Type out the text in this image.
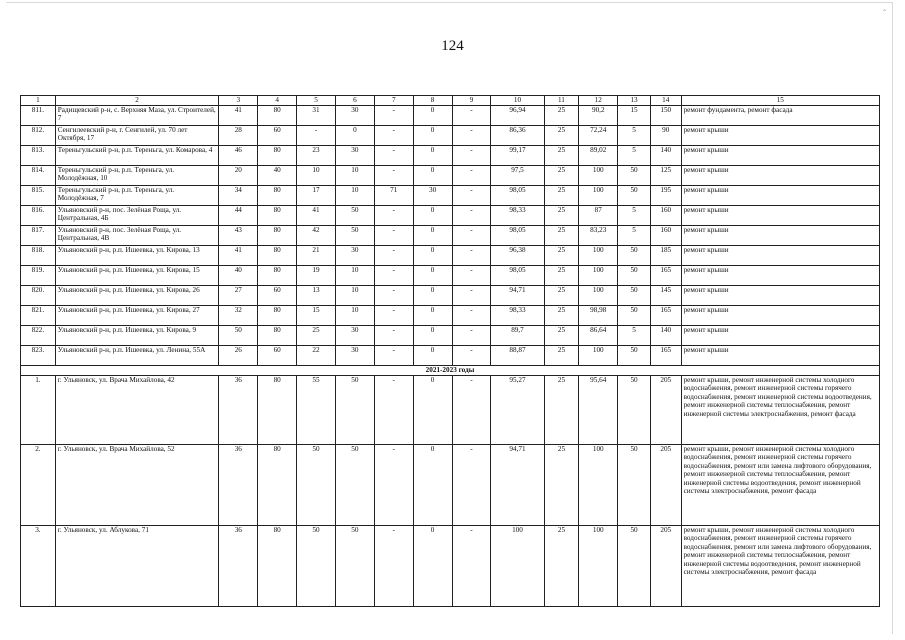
ˆ
124
1	2	3	4	5	6	7	8	9	10	11	12	13	14	15
811.	Радищевский р-н, с. Верхняя Маза, ул. Строителей, 7	41	80	31	30	-	0	-	96,94	25	90,2	15	150	ремонт фундамента, ремонт фасада
812.	Сенгилеевский р-н, г. Сенгилей, ул. 70 лет Октября, 17	28	60	-	0	-	0	-	86,36	25	72,24	5	90	ремонт крыши
813.	Тереньгульский р-н, р.п. Тереньга, ул. Комарова, 4	46	80	23	30	-	0	-	99,17	25	89,02	5	140	ремонт крыши
814.	Тереньгульский р-н, р.п. Тереньга, ул. Молодёжная, 10	20	40	10	10	-	0	-	97,5	25	100	50	125	ремонт крыши
815.	Тереньгульский р-н, р.п. Тереньга, ул. Молодёжная, 7	34	80	17	10	71	30	-	98,05	25	100	50	195	ремонт крыши
816.	Ульяновский р-н, пос. Зелёная Роща, ул. Центральная, 4Б	44	80	41	50	-	0	-	98,33	25	87	5	160	ремонт крыши
817.	Ульяновский р-н, пос. Зелёная Роща, ул. Центральная, 4В	43	80	42	50	-	0	-	98,05	25	83,23	5	160	ремонт крыши
818.	Ульяновский р-н, р.п. Ишеевка, ул. Кирова, 13	41	80	21	30	-	0	-	96,38	25	100	50	185	ремонт крыши
819.	Ульяновский р-н, р.п. Ишеевка, ул. Кирова, 15	40	80	19	10	-	0	-	98,05	25	100	50	165	ремонт крыши
820.	Ульяновский р-н, р.п. Ишеевка, ул. Кирова, 26	27	60	13	10	-	0	-	94,71	25	100	50	145	ремонт крыши
821.	Ульяновский р-н, р.п. Ишеевка, ул. Кирова, 27	32	80	15	10	-	0	-	98,33	25	98,98	50	165	ремонт крыши
822.	Ульяновский р-н, р.п. Ишеевка, ул. Кирова, 9	50	80	25	30	-	0	-	89,7	25	86,64	5	140	ремонт крыши
823.	Ульяновский р-н, р.п. Ишеевка, ул. Ленина, 55А	26	60	22	30	-	0	-	88,87	25	100	50	165	ремонт крыши
2021-2023 годы														
1.	г. Ульяновск, ул. Врача Михайлова, 42	36	80	55	50	-	0	-	95,27	25	95,64	50	205	ремонт крыши, ремонт инженерной системы холодного водоснабжения, ремонт инженерной системы горячего водоснабжения, ремонт инженерной системы водоотведения, ремонт инженерной системы теплоснабжения, ремонт инженерной системы электроснабжения, ремонт фасада
2.	г. Ульяновск, ул. Врача Михайлова, 52	36	80	50	50	-	0	-	94,71	25	100	50	205	ремонт крыши, ремонт инженерной системы холодного водоснабжения, ремонт инженерной системы горячего водоснабжения, ремонт или замена лифтового оборудования, ремонт инженерной системы теплоснабжения, ремонт инженерной системы водоотведения, ремонт инженерной системы электроснабжения, ремонт фасада
3.	г. Ульяновск, ул. Аблукова, 71	36	80	50	50	-	0	-	100	25	100	50	205	ремонт крыши, ремонт инженерной системы холодного водоснабжения, ремонт инженерной системы горячего водоснабжения, ремонт или замена лифтового оборудования, ремонт инженерной системы теплоснабжения, ремонт инженерной системы водоотведения, ремонт инженерной системы электроснабжения, ремонт фасада
